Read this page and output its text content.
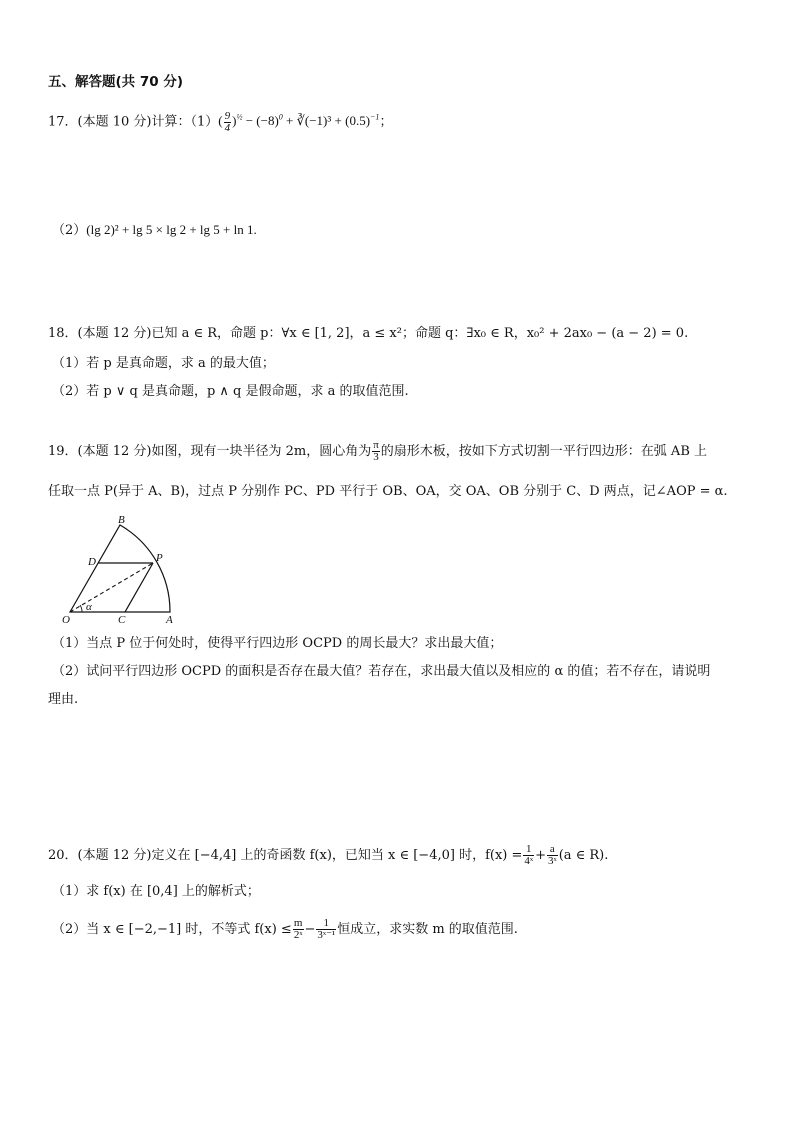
五、解答题(共 70 分)
17．(本题 10 分)计算：$(1)( \frac{9}{4} )^{\frac{1}{2}} - (-8)^0$ + ∛(−1)³ + $(0.5)^{-1}$；
（2）(lg 2)² + lg 5 × lg 2 + lg 5 + ln 1.
18．(本题 12 分)已知 a ∈ R，命题 p：∀x ∈ [1, 2]，a ≤ x²；命题 q：∃x₀ ∈ R，x₀² + 2ax₀ − (a − 2) = 0.
（1）若 p 是真命题，求 a 的最大值；
（2）若 p ∨ q 是真命题，p ∧ q 是假命题，求 a 的取值范围.
19．(本题 12 分)如图，现有一块半径为 2m，圆心角为 $\frac{\pi}{3}$ 的扇形木板，按如下方式切割一平行四边形：在弧 AB 上
任取一点 P(异于 A、B)，过点 P 分别作 PC、PD 平行于 OB、OA，交 OA、OB 分别于 C、D 两点，记∠AOP = α.
B
D	P
O	C	A
α
（1）当点 P 位于何处时，使得平行四边形 OCPD 的周长最大？求出最大值；
（2）试问平行四边形 OCPD 的面积是否存在最大值？若存在，求出最大值以及相应的 α 的值；若不存在，请说明
理由.
20．(本题 12 分)定义在 [−4,4] 上的奇函数 f(x)，已知当 x ∈ [−4,0] 时，$f(x) = \frac{1}{\text{4ˣ}} + \frac{a}{\text{3ˣ}} (a$ ∈ R).
（1）求 f(x) 在 [0,4] 上的解析式；
（2）当 x ∈ [−2,−1] 时，不等式 $f(x) \le \frac{m}{\text{2ˣ}} - \frac{1}{\text{3ˣ⁻¹}}$ 恒成立，求实数 m 的取值范围.
